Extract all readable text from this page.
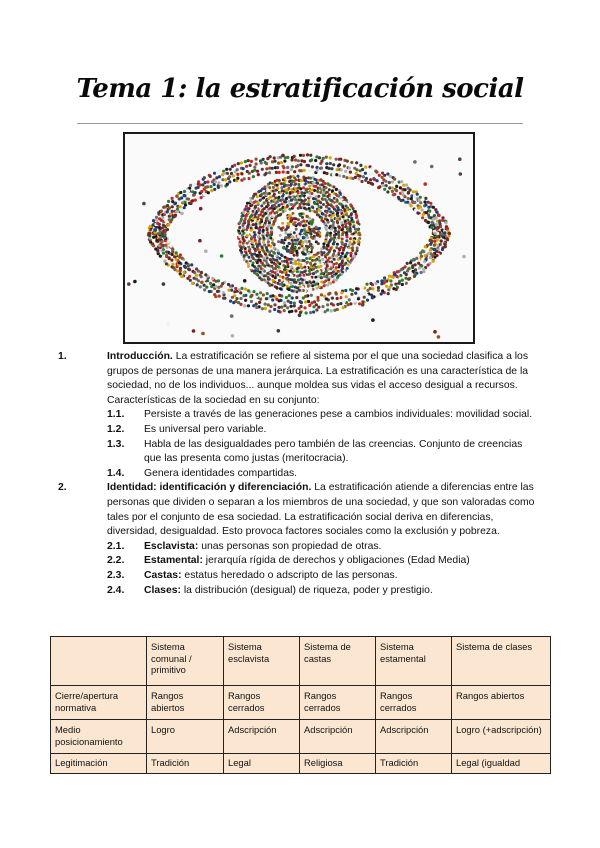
Tema 1: la estratificación social
1.	Introducción. La estratificación se refiere al sistema por el que una sociedad clasifica a los grupos de personas de una manera jerárquica. La estratificación es una característica de la sociedad, no de los individuos... aunque moldea sus vidas el acceso desigual a recursos. Características de la sociedad en su conjunto:
1.1.	Persiste a través de las generaciones pese a cambios individuales: movilidad social.
1.2.	Es universal pero variable.
1.3.	Habla de las desigualdades pero también de las creencias. Conjunto de creencias que las presenta como justas (meritocracia).
1.4.	Genera identidades compartidas.
2.	Identidad: identificación y diferenciación. La estratificación atiende a diferencias entre las personas que dividen o separan a los miembros de una sociedad, y que son valoradas como tales por el conjunto de esa sociedad. La estratificación social deriva en diferencias, diversidad, desigualdad. Esto provoca factores sociales como la exclusión y pobreza.
2.1.	Esclavista: unas personas son propiedad de otras.
2.2.	Estamental: jerarquía rígida de derechos y obligaciones (Edad Media)
2.3.	Castas: estatus heredado o adscripto de las personas.
2.4.	Clases: la distribución (desigual) de riqueza, poder y prestigio.
	Sistema comunal / primitivo	Sistema esclavista	Sistema de castas	Sistema estamental	Sistema de clases
Cierre/apertura normativa	Rangos abiertos	Rangos cerrados	Rangos cerrados	Rangos cerrados	Rangos abiertos
Medio posicionamiento	Logro	Adscripción	Adscripción	Adscripción	Logro (+adscripción)
Legitimación	Tradición	Legal	Religiosa	Tradición	Legal (igualdad
